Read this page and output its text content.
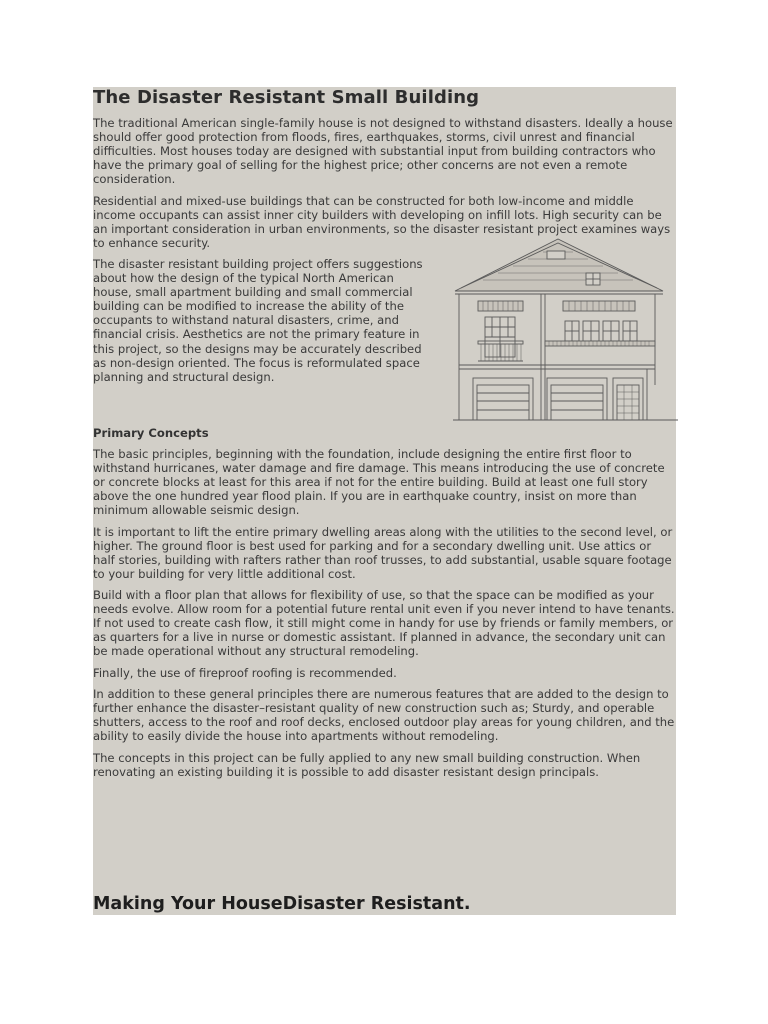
The Disaster Resistant Small Building

The traditional American single-family house is not designed to withstand disasters. Ideally a house should offer good protection from floods, fires, earthquakes, storms, civil unrest and financial difficulties. Most houses today are designed with substantial input from building contractors who have the primary goal of selling for the highest price; other concerns are not even a remote consideration.

Residential and mixed-use buildings that can be constructed for both low-income and middle income occupants can assist inner city builders with developing on infill lots. High security can be an important consideration in urban environments, so the disaster resistant project examines ways to enhance security.

The disaster resistant building project offers suggestions about how the design of the typical North American house, small apartment building and small commercial building can be modified to increase the ability of the occupants to withstand natural disasters, crime, and financial crisis. Aesthetics are not the primary feature in this project, so the designs may be accurately described as non-design oriented. The focus is reformulated space planning and structural design.

Primary Concepts

The basic principles, beginning with the foundation, include designing the entire first floor to withstand hurricanes, water damage and fire damage. This means introducing the use of concrete or concrete blocks at least for this area if not for the entire building. Build at least one full story above the one hundred year flood plain. If you are in earthquake country, insist on more than minimum allowable seismic design.

It is important to lift the entire primary dwelling areas along with the utilities to the second level, or higher. The ground floor is best used for parking and for a secondary dwelling unit. Use attics or half stories, building with rafters rather than roof trusses, to add substantial, usable square footage to your building for very little additional cost.

Build with a floor plan that allows for flexibility of use, so that the space can be modified as your needs evolve. Allow room for a potential future rental unit even if you never intend to have tenants. If not used to create cash flow, it still might come in handy for use by friends or family members, or as quarters for a live in nurse or domestic assistant. If planned in advance, the secondary unit can be made operational without any structural remodeling.

Finally, the use of fireproof roofing is recommended.

In addition to these general principles there are numerous features that are added to the design to further enhance the disaster–resistant quality of new construction such as; Sturdy, and operable shutters, access to the roof and roof decks, enclosed outdoor play areas for young children, and the ability to easily divide the house into apartments without remodeling.

The concepts in this project can be fully applied to any new small building construction. When renovating an existing building it is possible to add disaster resistant design principals.

Making Your HouseDisaster Resistant.
